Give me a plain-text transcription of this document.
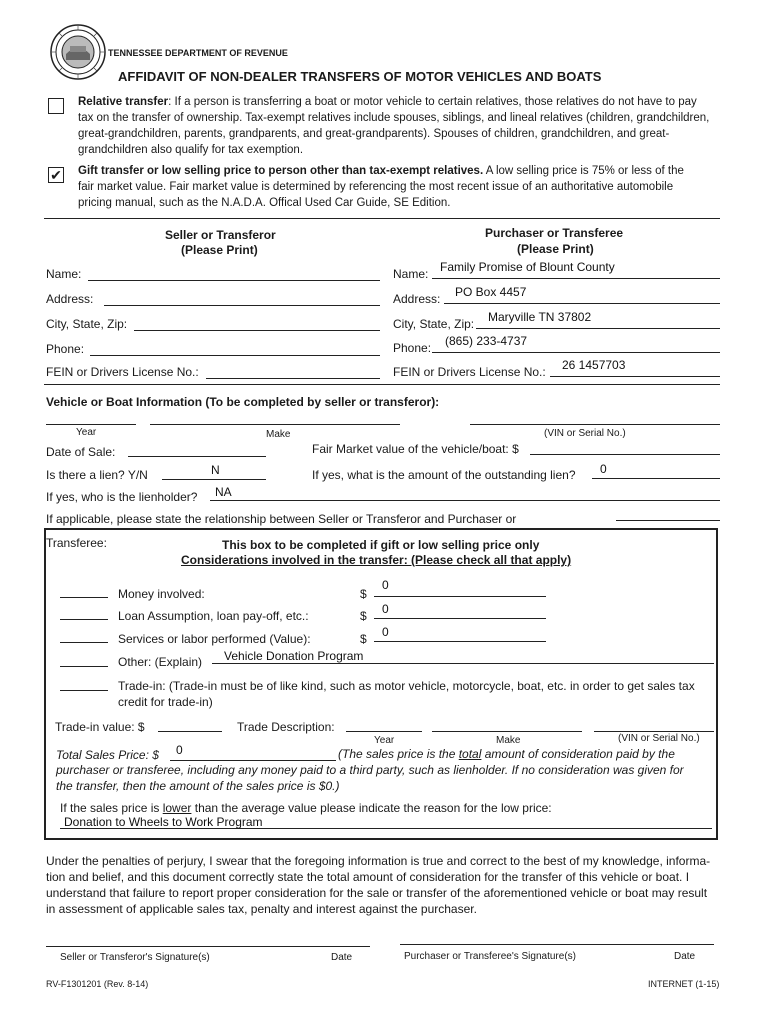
TENNESSEE DEPARTMENT OF REVENUE
AFFIDAVIT OF NON-DEALER TRANSFERS OF MOTOR VEHICLES AND BOATS
Relative transfer: If a person is transferring a boat or motor vehicle to certain relatives, those relatives do not have to pay
tax on the transfer of ownership. Tax-exempt relatives include spouses, siblings, and lineal relatives (children, grandchildren,
great-grandchildren, parents, grandparents, and great-grandparents). Spouses of children, grandchildren, and great-
grandchildren also qualify for tax exemption.
✔ Gift transfer or low selling price to person other than tax-exempt relatives. A low selling price is 75% or less of the
fair market value. Fair market value is determined by referencing the most recent issue of an authoritative automobile
pricing manual, such as the N.A.D.A. Offical Used Car Guide, SE Edition.
Seller or Transferor
(Please Print)
Purchaser or Transferee
(Please Print)
Name:
Address:
City, State, Zip:
Phone:
FEIN or Drivers License No.:
Name: Family Promise of Blount County
Address: PO Box 4457
City, State, Zip: Maryville TN 37802
Phone: (865) 233-4737
FEIN or Drivers License No.: 26 1457703
Vehicle or Boat Information (To be completed by seller or transferor):
Year	Make	(VIN or Serial No.)
Date of Sale:	Fair Market value of the vehicle/boat: $
Is there a lien? Y/N	N	If yes, what is the amount of the outstanding lien? 0
If yes, who is the lienholder? NA
If applicable, please state the relationship between Seller or Transferor and Purchaser or
Transferee:	This box to be completed if gift or low selling price only
Considerations involved in the transfer: (Please check all that apply)
Money involved:	$
0
Loan Assumption, loan pay-off, etc.:	$ 0
Services or labor performed (Value):	$ 0
Other: (Explain) Vehicle Donation Program
Trade-in: (Trade-in must be of like kind, such as motor vehicle, motorcycle, boat, etc. in order to get sales tax
credit for trade-in)
Trade-in value: $	Trade Description:
Year	Make	(VIN or Serial No.)
Total Sales Price: $ 0	(The sales price is the total amount of consideration paid by the
purchaser or transferee, including any money paid to a third party, such as lienholder. If no consideration was given for
the transfer, then the amount of the sales price is $0.)
If the sales price is lower than the average value please indicate the reason for the low price:
Donation to Wheels to Work Program
Under the penalties of perjury, I swear that the foregoing information is true and correct to the best of my knowledge, informa-
tion and belief, and this document correctly state the total amount of consideration for the transfer of this vehicle or boat. I
understand that failure to report proper consideration for the sale or transfer of the aforementioned vehicle or boat may result
in assessment of applicable sales tax, penalty and interest against the purchaser.
Seller or Transferor's Signature(s)	Date	Purchaser or Transferee's Signature(s)	Date
RV-F1301201 (Rev. 8-14)	INTERNET (1-15)
